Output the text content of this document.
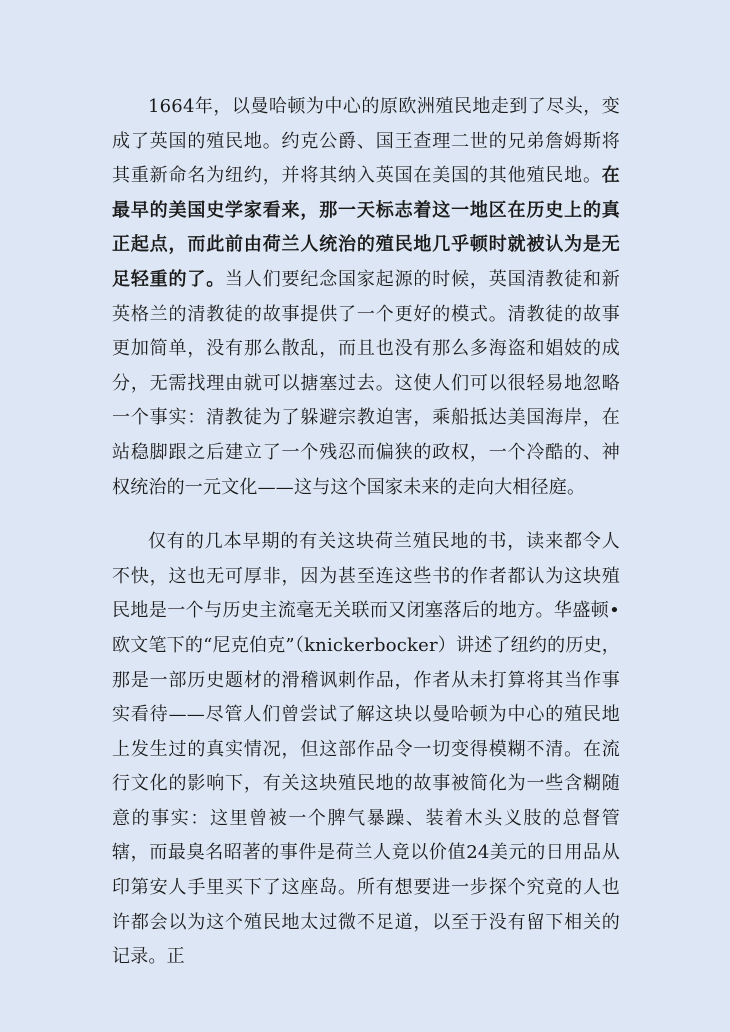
1664年，以曼哈顿为中心的原欧洲殖民地走到了尽头，变成了英国的殖民地。约克公爵、国王查理二世的兄弟詹姆斯将其重新命名为纽约，并将其纳入英国在美国的其他殖民地。在最早的美国史学家看来，那一天标志着这一地区在历史上的真正起点，而此前由荷兰人统治的殖民地几乎顿时就被认为是无足轻重的了。当人们要纪念国家起源的时候，英国清教徒和新英格兰的清教徒的故事提供了一个更好的模式。清教徒的故事更加简单，没有那么散乱，而且也没有那么多海盗和娼妓的成分，无需找理由就可以搪塞过去。这使人们可以很轻易地忽略一个事实：清教徒为了躲避宗教迫害，乘船抵达美国海岸，在站稳脚跟之后建立了一个残忍而偏狭的政权，一个冷酷的、神权统治的一元文化——这与这个国家未来的走向大相径庭。

仅有的几本早期的有关这块荷兰殖民地的书，读来都令人不快，这也无可厚非，因为甚至连这些书的作者都认为这块殖民地是一个与历史主流毫无关联而又闭塞落后的地方。华盛顿•欧文笔下的“尼克伯克”（knickerbocker）讲述了纽约的历史，那是一部历史题材的滑稽讽刺作品，作者从未打算将其当作事实看待——尽管人们曾尝试了解这块以曼哈顿为中心的殖民地上发生过的真实情况，但这部作品令一切变得模糊不清。在流行文化的影响下，有关这块殖民地的故事被简化为一些含糊随意的事实：这里曾被一个脾气暴躁、装着木头义肢的总督管辖，而最臭名昭著的事件是荷兰人竟以价值24美元的日用品从印第安人手里买下了这座岛。所有想要进一步探个究竟的人也许都会以为这个殖民地太过微不足道，以至于没有留下相关的记录。正
